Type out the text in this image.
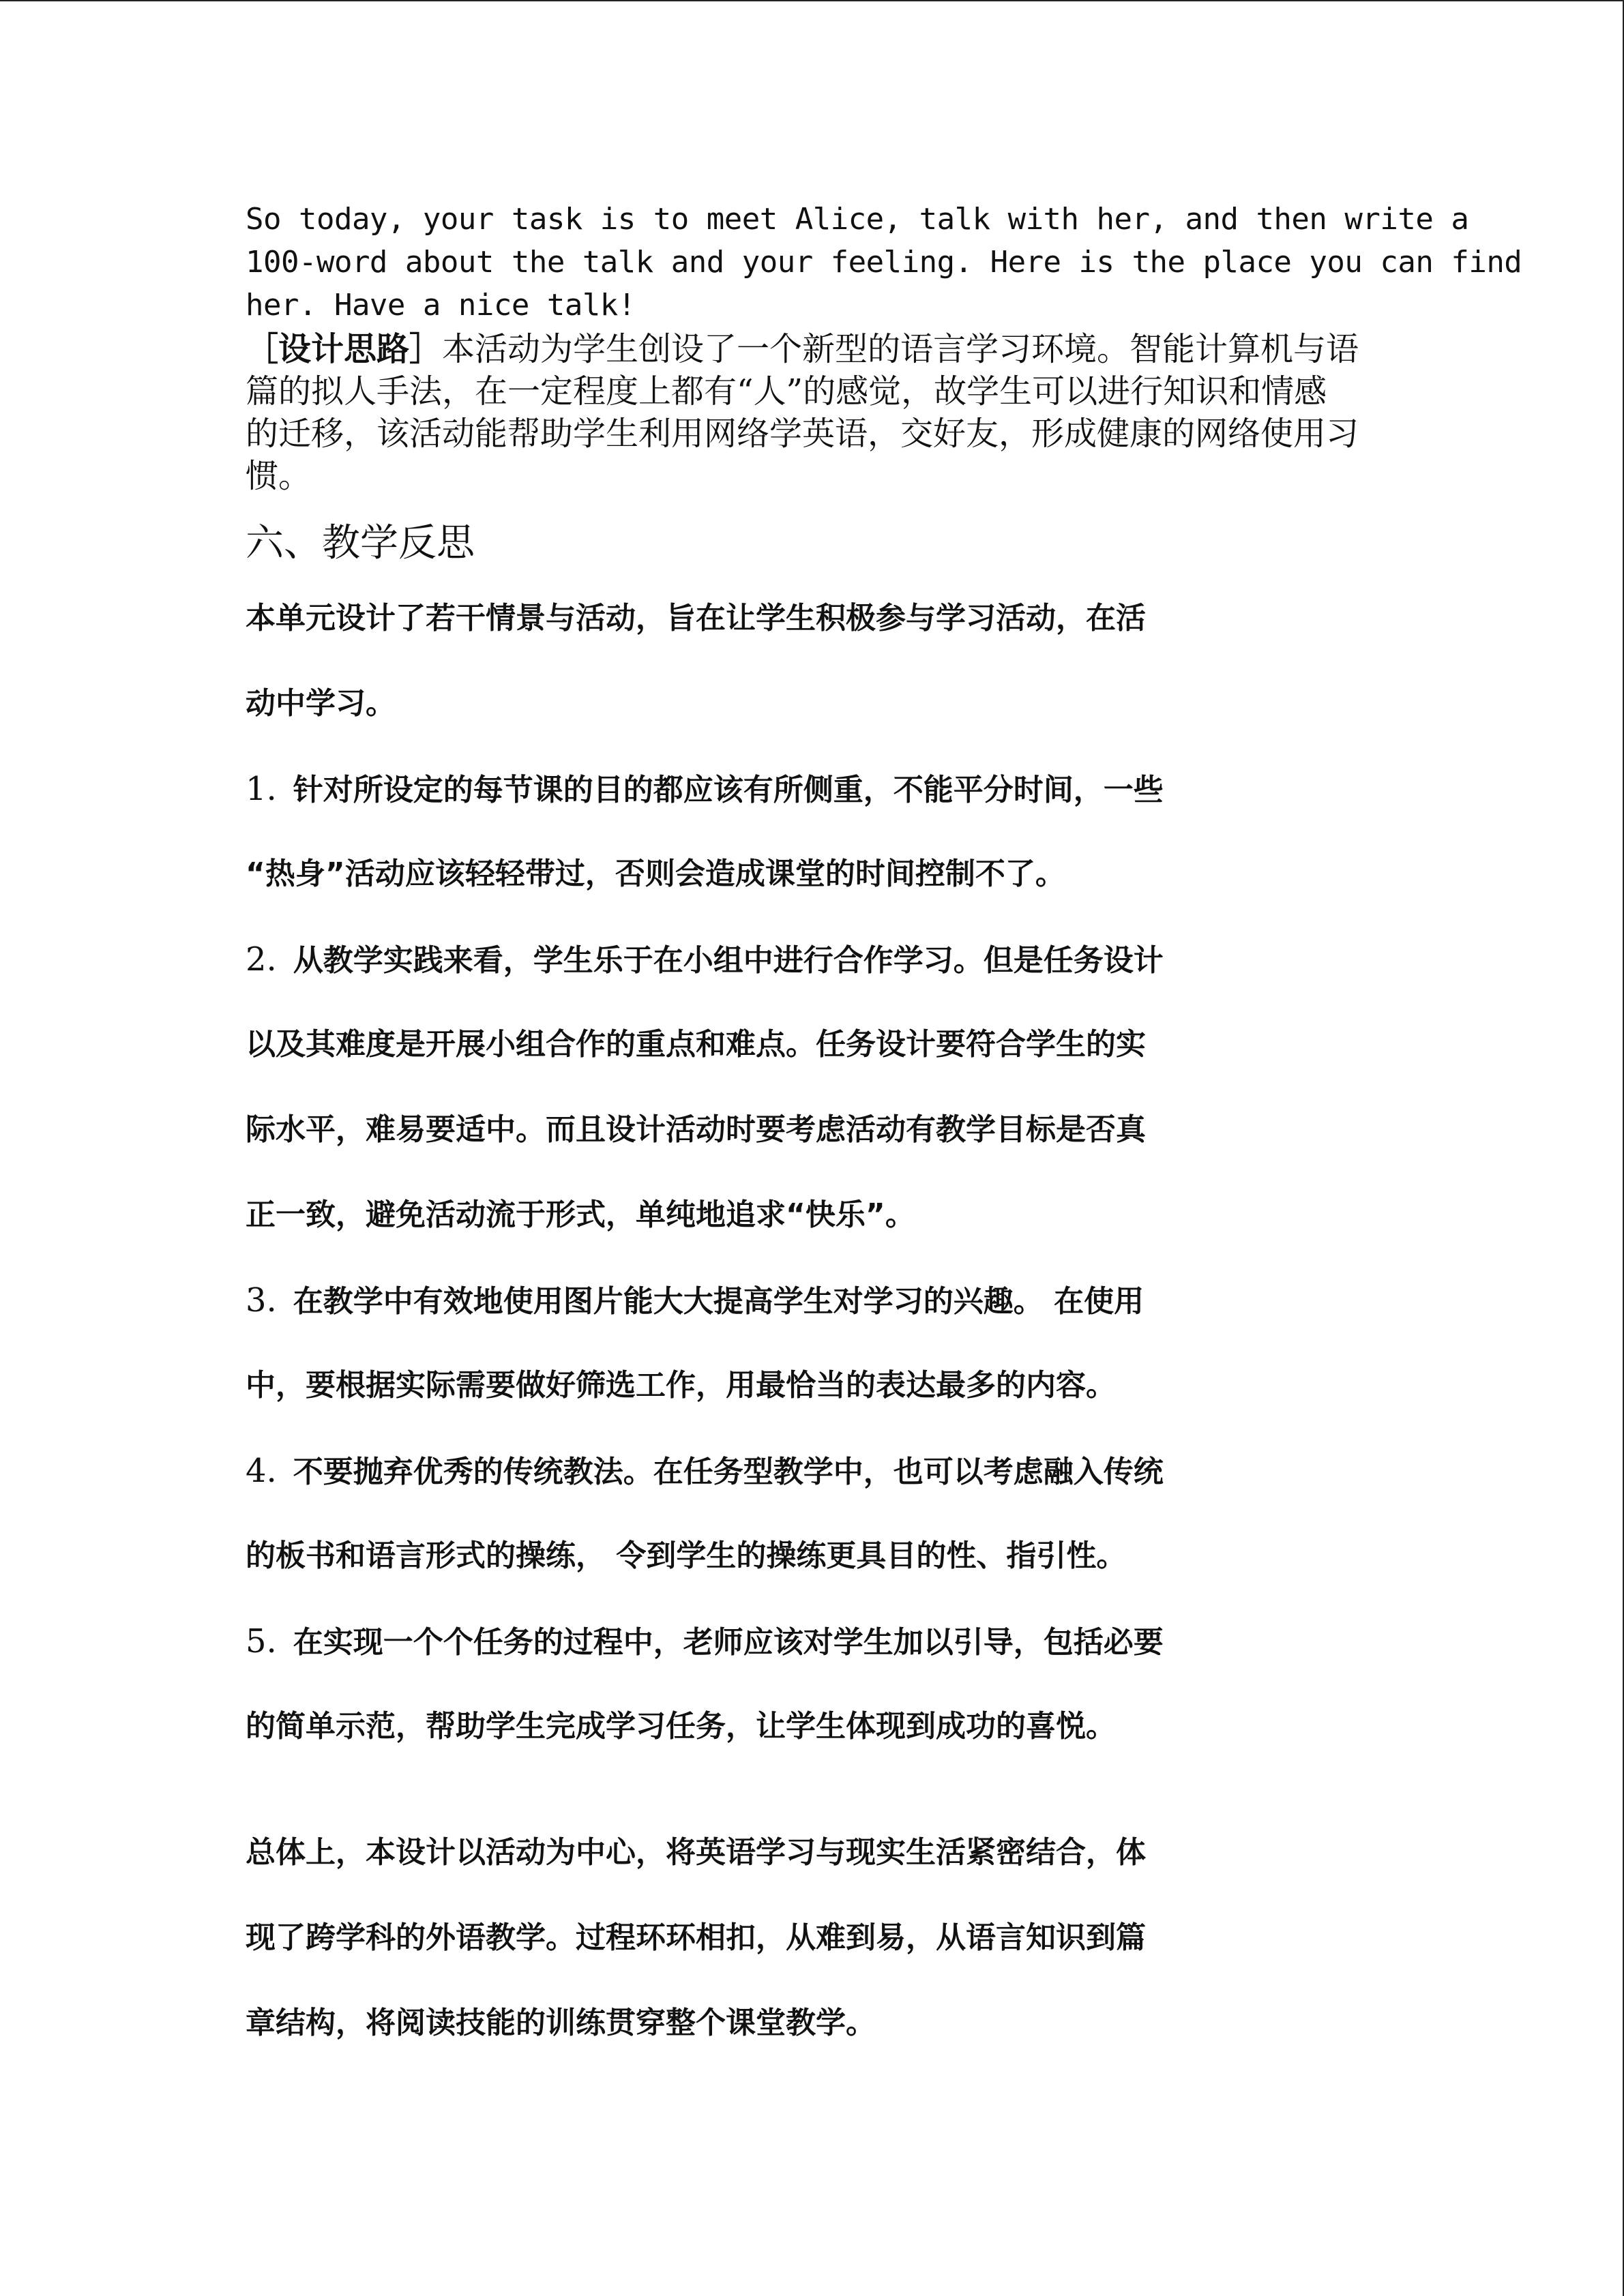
So today, your task is to meet Alice, talk with her, and then write a
100-word about the talk and your feeling. Here is the place you can find
her. Have a nice talk!
［设计思路］本活动为学生创设了一个新型的语言学习环境。智能计算机与语
篇的拟人手法，在一定程度上都有“人”的感觉，故学生可以进行知识和情感
的迁移，该活动能帮助学生利用网络学英语，交好友，形成健康的网络使用习
惯。
六、教学反思
本单元设计了若干情景与活动，旨在让学生积极参与学习活动，在活
动中学习。
1. 针对所设定的每节课的目的都应该有所侧重，不能平分时间，一些
“热身”活动应该轻轻带过，否则会造成课堂的时间控制不了。
2. 从教学实践来看，学生乐于在小组中进行合作学习。但是任务设计
以及其难度是开展小组合作的重点和难点。任务设计要符合学生的实
际水平，难易要适中。而且设计活动时要考虑活动有教学目标是否真
正一致，避免活动流于形式，单纯地追求“快乐”。
3. 在教学中有效地使用图片能大大提高学生对学习的兴趣。 在使用
中，要根据实际需要做好筛选工作，用最恰当的表达最多的内容。
4. 不要抛弃优秀的传统教法。在任务型教学中，也可以考虑融入传统
的板书和语言形式的操练， 令到学生的操练更具目的性、指引性。
5. 在实现一个个任务的过程中，老师应该对学生加以引导，包括必要
的简单示范，帮助学生完成学习任务，让学生体现到成功的喜悦。
总体上，本设计以活动为中心，将英语学习与现实生活紧密结合，体
现了跨学科的外语教学。过程环环相扣，从难到易，从语言知识到篇
章结构，将阅读技能的训练贯穿整个课堂教学。
